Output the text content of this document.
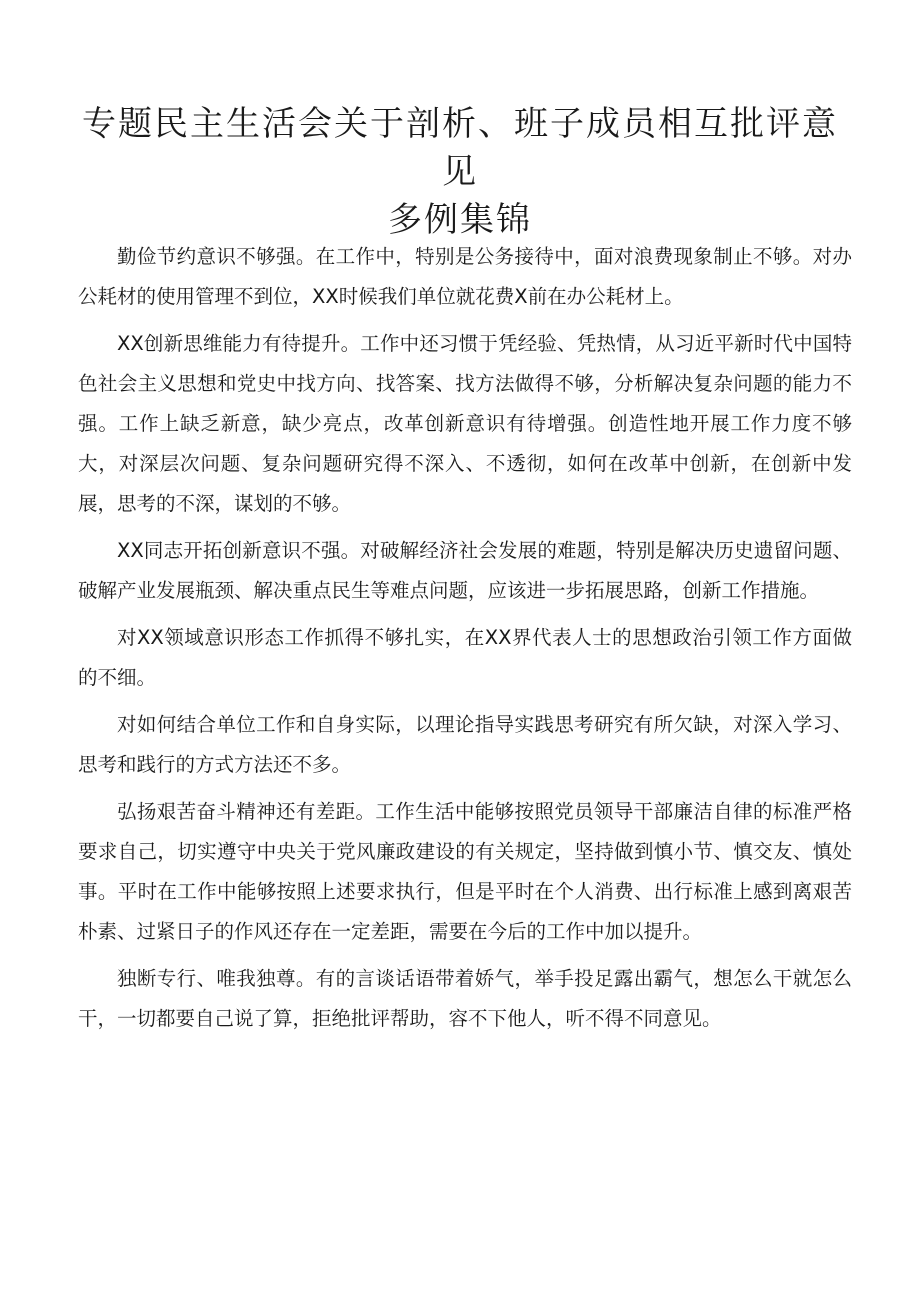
专题民主生活会关于剖析、班子成员相互批评意见
多例集锦

勤俭节约意识不够强。在工作中，特别是公务接待中，面对浪费现象制止不够。对办公耗材的使用管理不到位，XX时候我们单位就花费X前在办公耗材上。

XX创新思维能力有待提升。工作中还习惯于凭经验、凭热情，从习近平新时代中国特色社会主义思想和党史中找方向、找答案、找方法做得不够，分析解决复杂问题的能力不强。工作上缺乏新意，缺少亮点，改革创新意识有待增强。创造性地开展工作力度不够大，对深层次问题、复杂问题研究得不深入、不透彻，如何在改革中创新，在创新中发展，思考的不深，谋划的不够。

XX同志开拓创新意识不强。对破解经济社会发展的难题，特别是解决历史遗留问题、破解产业发展瓶颈、解决重点民生等难点问题，应该进一步拓展思路，创新工作措施。

对XX领域意识形态工作抓得不够扎实，在XX界代表人士的思想政治引领工作方面做的不细。

对如何结合单位工作和自身实际，以理论指导实践思考研究有所欠缺，对深入学习、思考和践行的方式方法还不多。

弘扬艰苦奋斗精神还有差距。工作生活中能够按照党员领导干部廉洁自律的标准严格要求自己，切实遵守中央关于党风廉政建设的有关规定，坚持做到慎小节、慎交友、慎处事。平时在工作中能够按照上述要求执行，但是平时在个人消费、出行标准上感到离艰苦朴素、过紧日子的作风还存在一定差距，需要在今后的工作中加以提升。

独断专行、唯我独尊。有的言谈话语带着娇气，举手投足露出霸气，想怎么干就怎么干，一切都要自己说了算，拒绝批评帮助，容不下他人，听不得不同意见。
